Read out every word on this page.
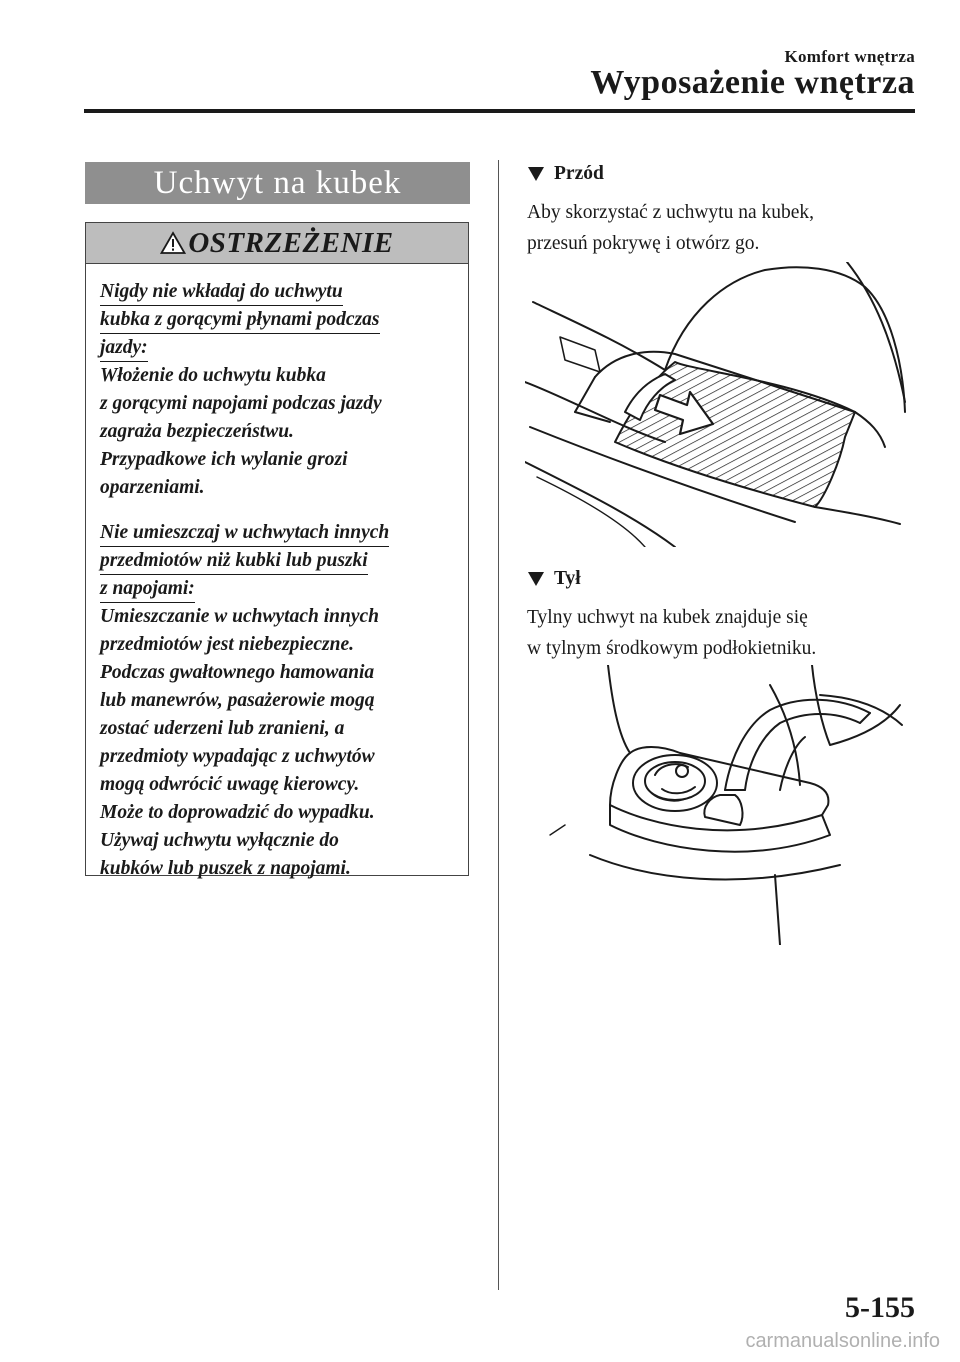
Komfort wnętrza
Wyposażenie wnętrza
Uchwyt na kubek
OSTRZEŻENIE

Nigdy nie wkładaj do uchwytu

kubka z gorącymi płynami podczas

jazdy:

Włożenie do uchwytu kubka

z gorącymi napojami podczas jazdy

zagraża bezpieczeństwu.

Przypadkowe ich wylanie grozi

oparzeniami.

Nie umieszczaj w uchwytach innych

przedmiotów niż kubki lub puszki

z napojami:

Umieszczanie w uchwytach innych

przedmiotów jest niebezpieczne.

Podczas gwałtownego hamowania

lub manewrów, pasażerowie mogą

zostać uderzeni lub zranieni, a

przedmioty wypadając z uchwytów

mogą odwrócić uwagę kierowcy.

Może to doprowadzić do wypadku.

Używaj uchwytu wyłącznie do

kubków lub puszek z napojami.

Przód
Aby skorzystać z uchwytu na kubek,
przesuń pokrywę i otwórz go.
Tył
Tylny uchwyt na kubek znajduje się
w tylnym środkowym podłokietniku.
5-155
carmanualsonline.info
